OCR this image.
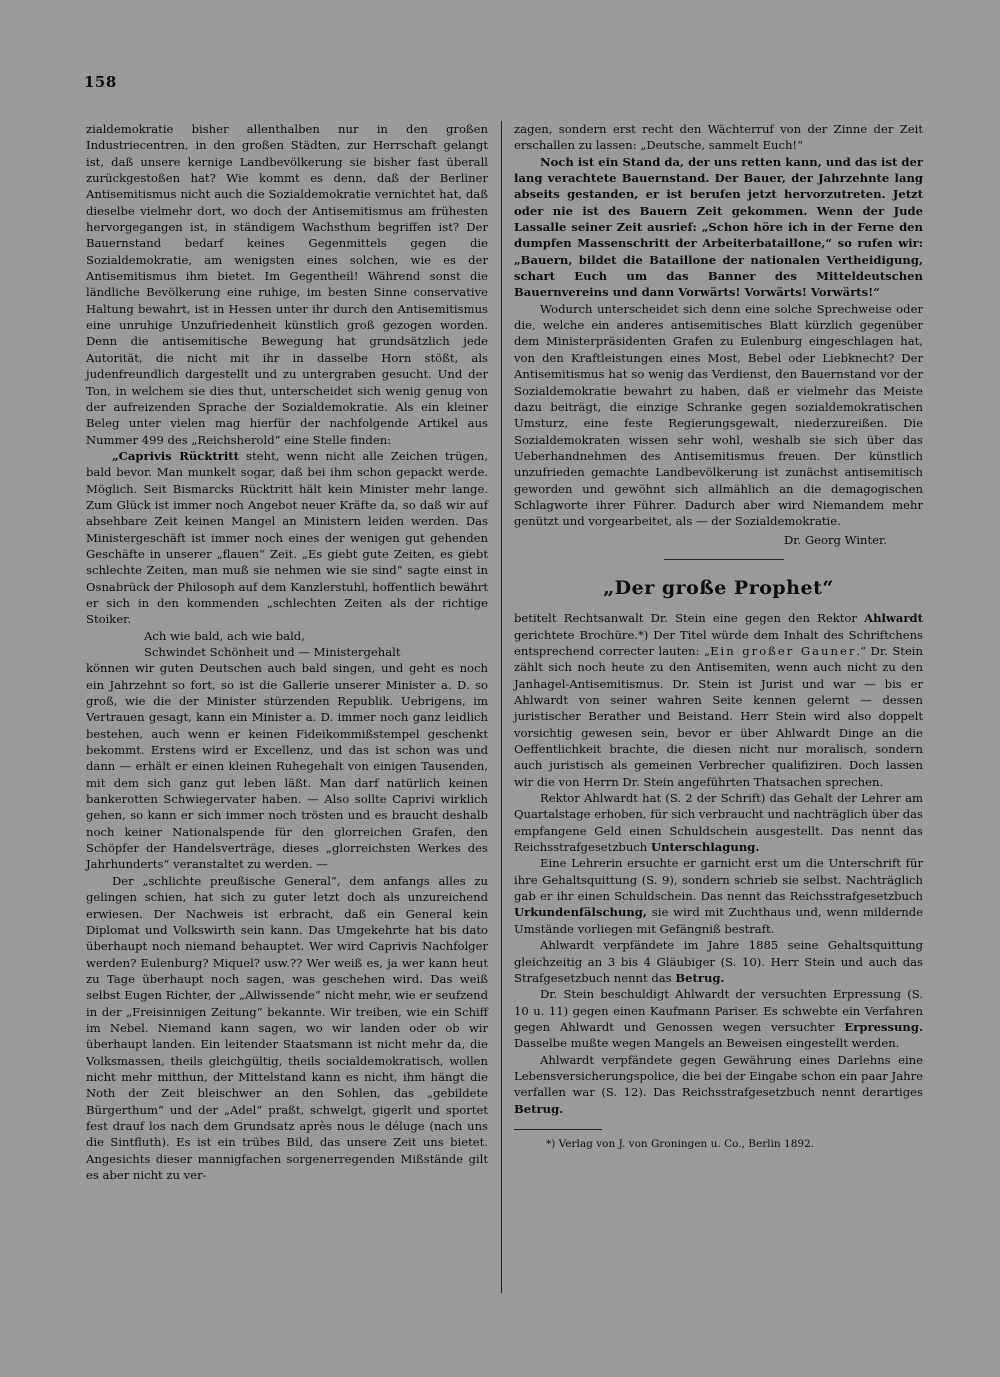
158

zialdemokratie bisher allenthalben nur in den großen Industriecentren, in den großen Städten, zur Herrschaft gelangt ist, daß unsere kernige Landbevölkerung sie bisher fast überall zurückgestoßen hat? Wie kommt es denn, daß der Berliner Antisemitismus nicht auch die Sozialdemokratie vernichtet hat, daß dieselbe vielmehr dort, wo doch der Antisemitismus am frühesten hervorgegangen ist, in ständigem Wachsthum begriffen ist? Der Bauernstand bedarf keines Gegenmittels gegen die Sozialdemokratie, am wenigsten eines solchen, wie es der Antisemitismus ihm bietet. Im Gegentheil! Während sonst die ländliche Bevölkerung eine ruhige, im besten Sinne conservative Haltung bewahrt, ist in Hessen unter ihr durch den Antisemitismus eine unruhige Unzufriedenheit künstlich groß gezogen worden. Denn die antisemitische Bewegung hat grundsätzlich jede Autorität, die nicht mit ihr in dasselbe Horn stößt, als judenfreundlich dargestellt und zu untergraben gesucht. Und der Ton, in welchem sie dies thut, unterscheidet sich wenig genug von der aufreizenden Sprache der Sozialdemokratie. Als ein kleiner Beleg unter vielen mag hierfür der nachfolgende Artikel aus Nummer 499 des „Reichsherold“ eine Stelle finden:

„Caprivis Rücktritt steht, wenn nicht alle Zeichen trügen, bald bevor. Man munkelt sogar, daß bei ihm schon gepackt werde. Möglich. Seit Bismarcks Rücktritt hält kein Minister mehr lange. Zum Glück ist immer noch Angebot neuer Kräfte da, so daß wir auf absehbare Zeit keinen Mangel an Ministern leiden werden. Das Ministergeschäft ist immer noch eines der wenigen gut gehenden Geschäfte in unserer „flauen“ Zeit. „Es giebt gute Zeiten, es giebt schlechte Zeiten, man muß sie nehmen wie sie sind“ sagte einst in Osnabrück der Philosoph auf dem Kanzlerstuhl, hoffentlich bewährt er sich in den kommenden „schlechten Zeiten als der richtige Stoiker.

Ach wie bald, ach wie bald,

Schwindet Schönheit und — Ministergehalt

können wir guten Deutschen auch bald singen, und geht es noch ein Jahrzehnt so fort, so ist die Gallerie unserer Minister a. D. so groß, wie die der Minister stürzenden Republik. Uebrigens, im Vertrauen gesagt, kann ein Minister a. D. immer noch ganz leidlich bestehen, auch wenn er keinen Fideikommißstempel geschenkt bekommt. Erstens wird er Excellenz, und das ist schon was und dann — erhält er einen kleinen Ruhegehalt von einigen Tausenden, mit dem sich ganz gut leben läßt. Man darf natürlich keinen bankerotten Schwiegervater haben. — Also sollte Caprivi wirklich gehen, so kann er sich immer noch trösten und es braucht deshalb noch keiner Nationalspende für den glorreichen Grafen, den Schöpfer der Handelsverträge, dieses „glorreichsten Werkes des Jahrhunderts“ veranstaltet zu werden. —

Der „schlichte preußische General“, dem anfangs alles zu gelingen schien, hat sich zu guter letzt doch als unzureichend erwiesen. Der Nachweis ist erbracht, daß ein General kein Diplomat und Volkswirth sein kann. Das Umgekehrte hat bis dato überhaupt noch niemand behauptet. Wer wird Caprivis Nachfolger werden? Eulenburg? Miquel? usw.?? Wer weiß es, ja wer kann heut zu Tage überhaupt noch sagen, was geschehen wird. Das weiß selbst Eugen Richter, der „Allwissende“ nicht mehr, wie er seufzend in der „Freisinnigen Zeitung“ bekannte. Wir treiben, wie ein Schiff im Nebel. Niemand kann sagen, wo wir landen oder ob wir überhaupt landen. Ein leitender Staatsmann ist nicht mehr da, die Volksmassen, theils gleichgültig, theils socialdemokratisch, wollen nicht mehr mitthun, der Mittelstand kann es nicht, ihm hängt die Noth der Zeit bleischwer an den Sohlen, das „gebildete Bürgerthum“ und der „Adel“ praßt, schwelgt, gigerlt und sportet fest drauf los nach dem Grundsatz après nous le déluge (nach uns die Sintfluth). Es ist ein trübes Bild, das unsere Zeit uns bietet. Angesichts dieser mannigfachen sorgenerregenden Mißstände gilt es aber nicht zu ver-

zagen, sondern erst recht den Wächterruf von der Zinne der Zeit erschallen zu lassen: „Deutsche, sammelt Euch!“

Noch ist ein Stand da, der uns retten kann, und das ist der lang verachtete Bauernstand. Der Bauer, der Jahrzehnte lang abseits gestanden, er ist berufen jetzt hervorzutreten. Jetzt oder nie ist des Bauern Zeit gekommen. Wenn der Jude Lassalle seiner Zeit ausrief: „Schon höre ich in der Ferne den dumpfen Massenschritt der Arbeiterbataillone,“ so rufen wir: „Bauern, bildet die Bataillone der nationalen Vertheidigung, schart Euch um das Banner des Mitteldeutschen Bauernvereins und dann Vorwärts! Vorwärts! Vorwärts!“

Wodurch unterscheidet sich denn eine solche Sprechweise oder die, welche ein anderes antisemitisches Blatt kürzlich gegenüber dem Ministerpräsidenten Grafen zu Eulenburg eingeschlagen hat, von den Kraftleistungen eines Most, Bebel oder Liebknecht? Der Antisemitismus hat so wenig das Verdienst, den Bauernstand vor der Sozialdemokratie bewahrt zu haben, daß er vielmehr das Meiste dazu beiträgt, die einzige Schranke gegen sozialdemokratischen Umsturz, eine feste Regierungsgewalt, niederzureißen. Die Sozialdemokraten wissen sehr wohl, weshalb sie sich über das Ueberhandnehmen des Antisemitismus freuen. Der künstlich unzufrieden gemachte Landbevölkerung ist zunächst antisemitisch geworden und gewöhnt sich allmählich an die demagogischen Schlagworte ihrer Führer. Dadurch aber wird Niemandem mehr genützt und vorgearbeitet, als — der Sozialdemokratie.

Dr. Georg Winter.

„Der große Prophet“

betitelt Rechtsanwalt Dr. Stein eine gegen den Rektor Ahlwardt gerichtete Brochüre.*) Der Titel würde dem Inhalt des Schriftchens entsprechend correcter lauten: „Ein großer Gauner.“ Dr. Stein zählt sich noch heute zu den Antisemiten, wenn auch nicht zu den Janhagel-Antisemitismus. Dr. Stein ist Jurist und war — bis er Ahlwardt von seiner wahren Seite kennen gelernt — dessen juristischer Berather und Beistand. Herr Stein wird also doppelt vorsichtig gewesen sein, bevor er über Ahlwardt Dinge an die Oeffentlichkeit brachte, die diesen nicht nur moralisch, sondern auch juristisch als gemeinen Verbrecher qualifiziren. Doch lassen wir die von Herrn Dr. Stein angeführten Thatsachen sprechen.

Rektor Ahlwardt hat (S. 2 der Schrift) das Gehalt der Lehrer am Quartalstage erhoben, für sich verbraucht und nachträglich über das empfangene Geld einen Schuldschein ausgestellt. Das nennt das Reichsstrafgesetzbuch Unterschlagung.

Eine Lehrerin ersuchte er garnicht erst um die Unterschrift für ihre Gehaltsquittung (S. 9), sondern schrieb sie selbst. Nachträglich gab er ihr einen Schuldschein. Das nennt das Reichsstrafgesetzbuch Urkundenfälschung, sie wird mit Zuchthaus und, wenn mildernde Umstände vorliegen mit Gefängniß bestraft.

Ahlwardt verpfändete im Jahre 1885 seine Gehaltsquittung gleichzeitig an 3 bis 4 Gläubiger (S. 10). Herr Stein und auch das Strafgesetzbuch nennt das Betrug.

Dr. Stein beschuldigt Ahlwardt der versuchten Erpressung (S. 10 u. 11) gegen einen Kaufmann Pariser. Es schwebte ein Verfahren gegen Ahlwardt und Genossen wegen versuchter Erpressung. Dasselbe mußte wegen Mangels an Beweisen eingestellt werden.

Ahlwardt verpfändete gegen Gewährung eines Darlehns eine Lebensversicherungspolice, die bei der Eingabe schon ein paar Jahre verfallen war (S. 12). Das Reichsstrafgesetzbuch nennt derartiges Betrug.

*) Verlag von J. von Groningen u. Co., Berlin 1892.
